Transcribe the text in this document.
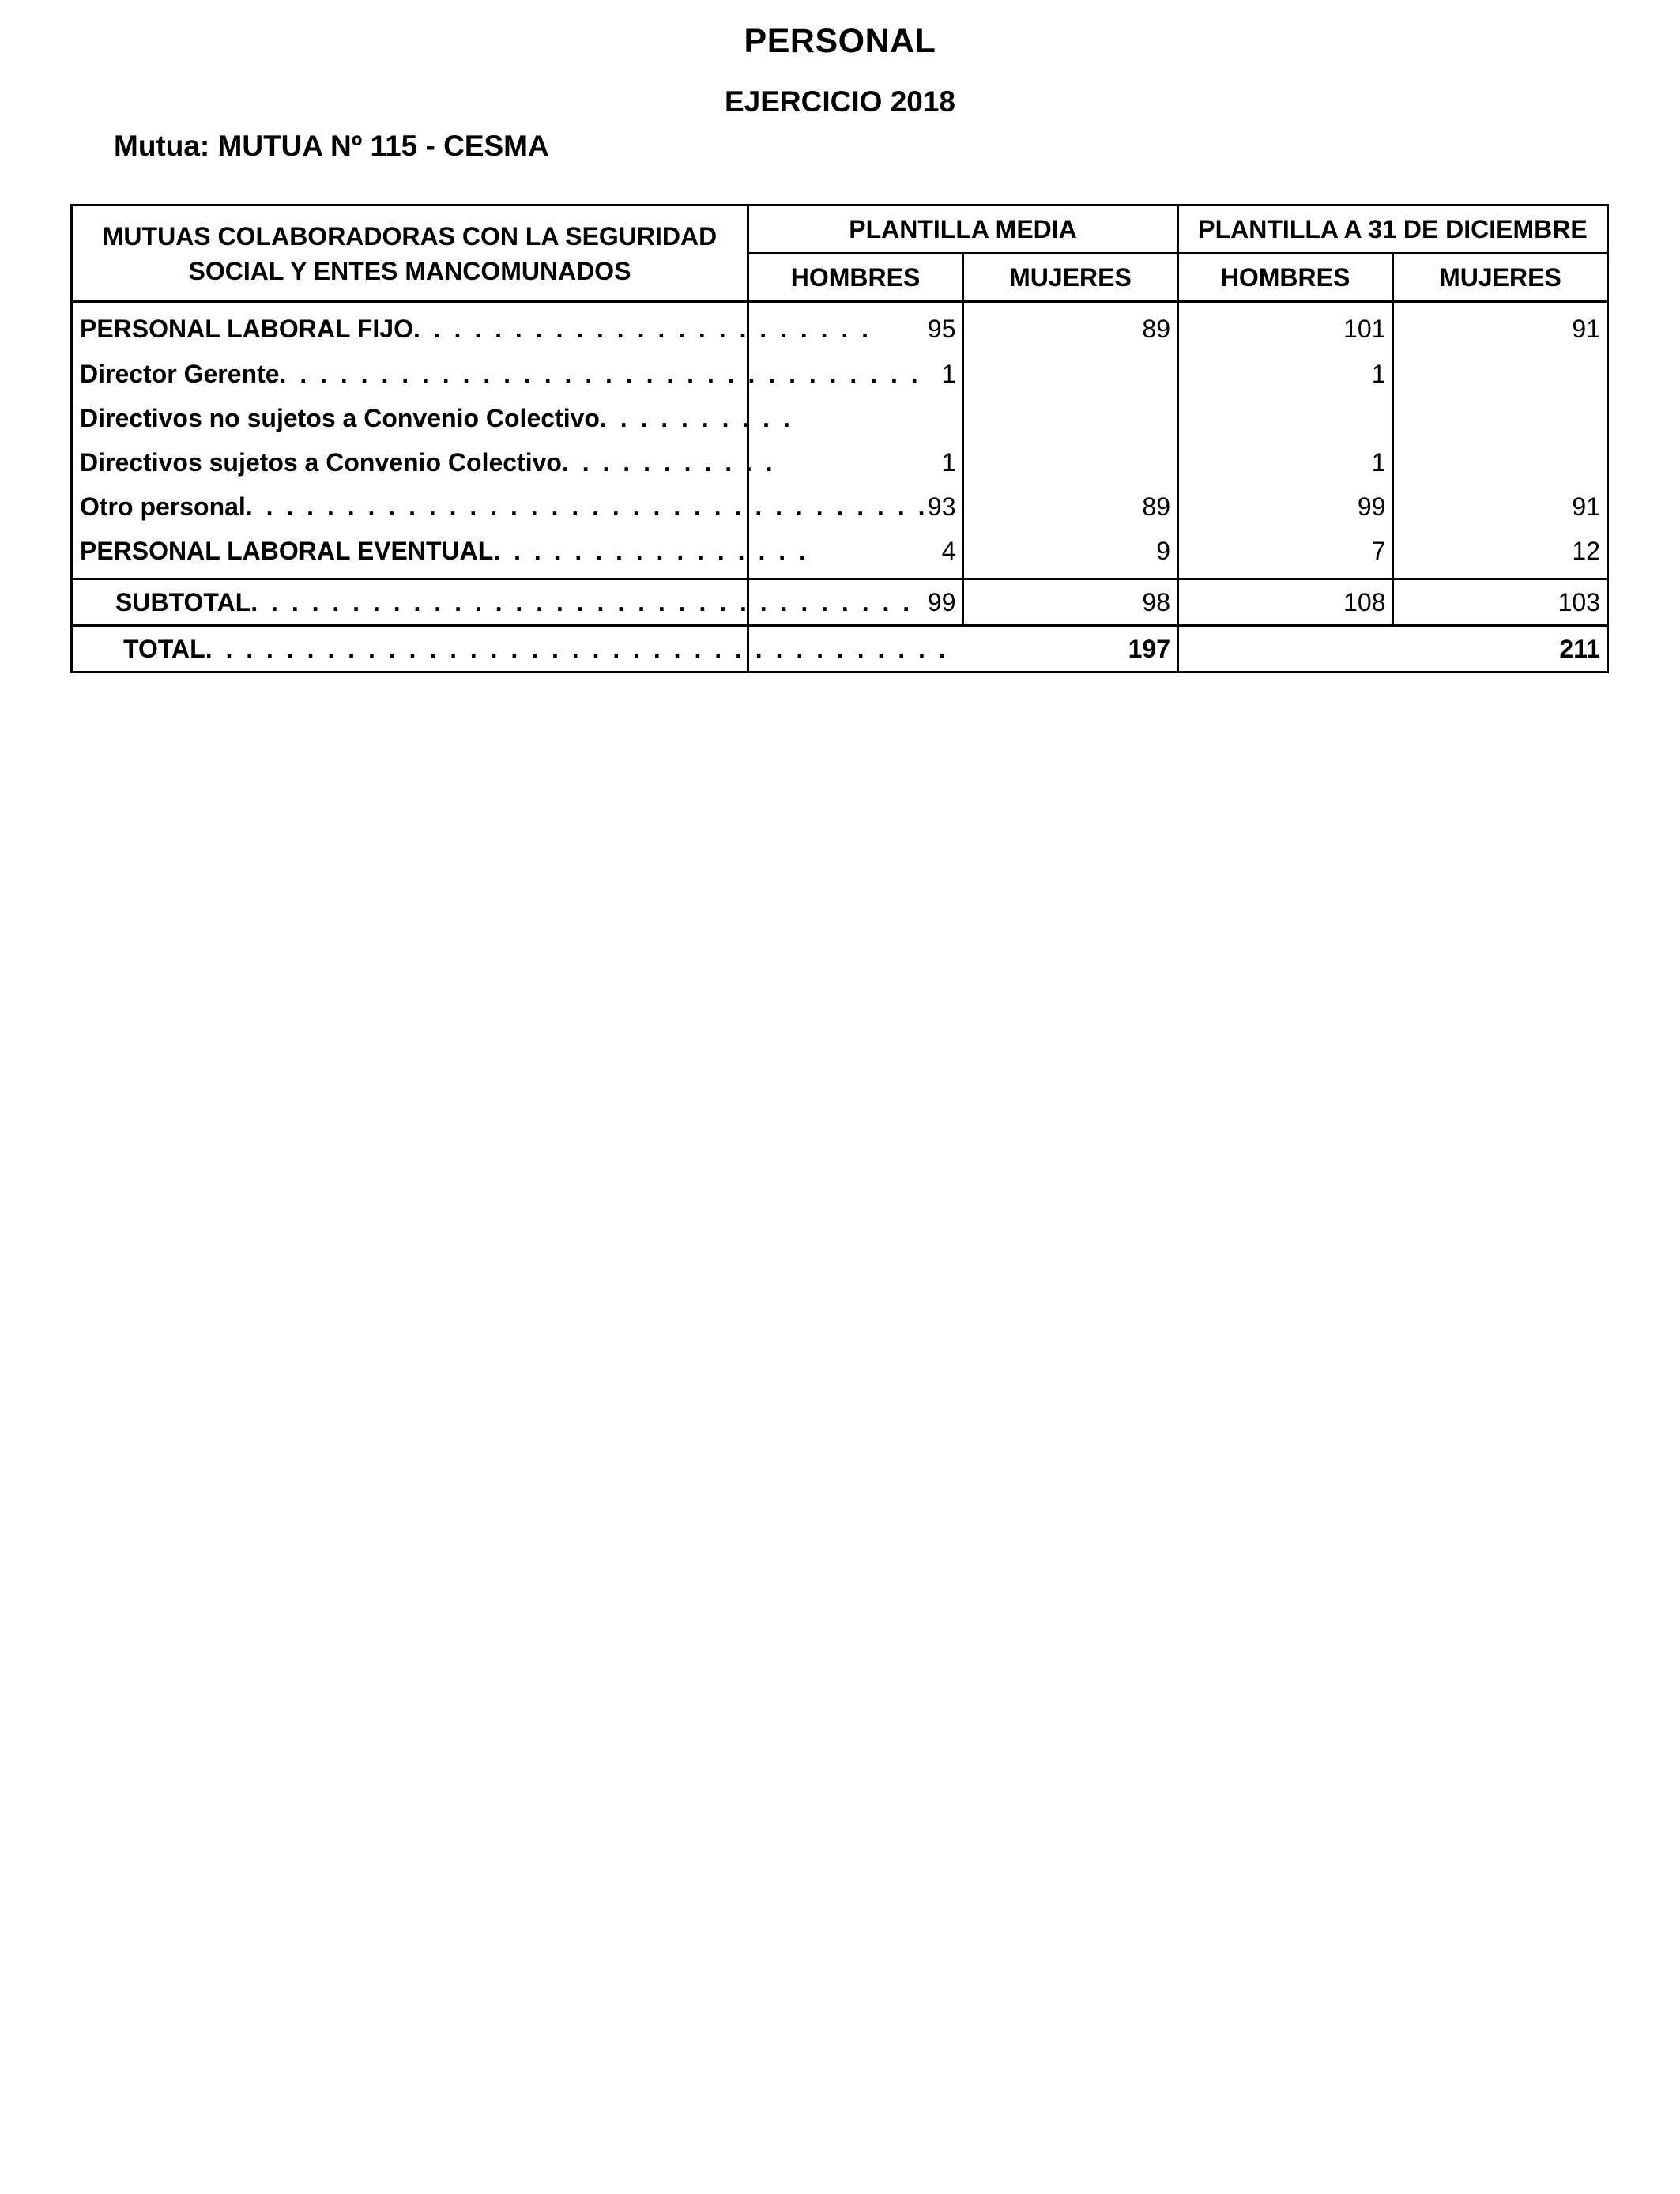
PERSONAL
EJERCICIO 2018
Mutua: MUTUA Nº 115 - CESMA
MUTUAS COLABORADORAS CON LA SEGURIDAD SOCIAL Y ENTES MANCOMUNADOS	PLANTILLA MEDIA		PLANTILLA A 31 DE DICIEMBRE	
	HOMBRES	MUJERES	HOMBRES	MUJERES
PERSONAL LABORAL FIJO. . . . . . . . . . . . . . . . . . . . . . .	95	89	101	91
Director Gerente. . . . . . . . . . . . . . . . . . . . . . . . . . . . . . . .	1		1	
Directivos no sujetos a Convenio Colectivo. . . . . . . . . .				
Directivos sujetos a Convenio Colectivo. . . . . . . . . . .	1		1	
Otro personal. . . . . . . . . . . . . . . . . . . . . . . . . . . . . . . . . .	93	89	99	91
PERSONAL LABORAL EVENTUAL. . . . . . . . . . . . . . . .	4	9	7	12
SUBTOTAL. . . . . . . . . . . . . . . . . . . . . . . . . . . . . . . . .	99	98	108	103
TOTAL. . . . . . . . . . . . . . . . . . . . . . . . . . . . . . . . . . . . .	197		211	
